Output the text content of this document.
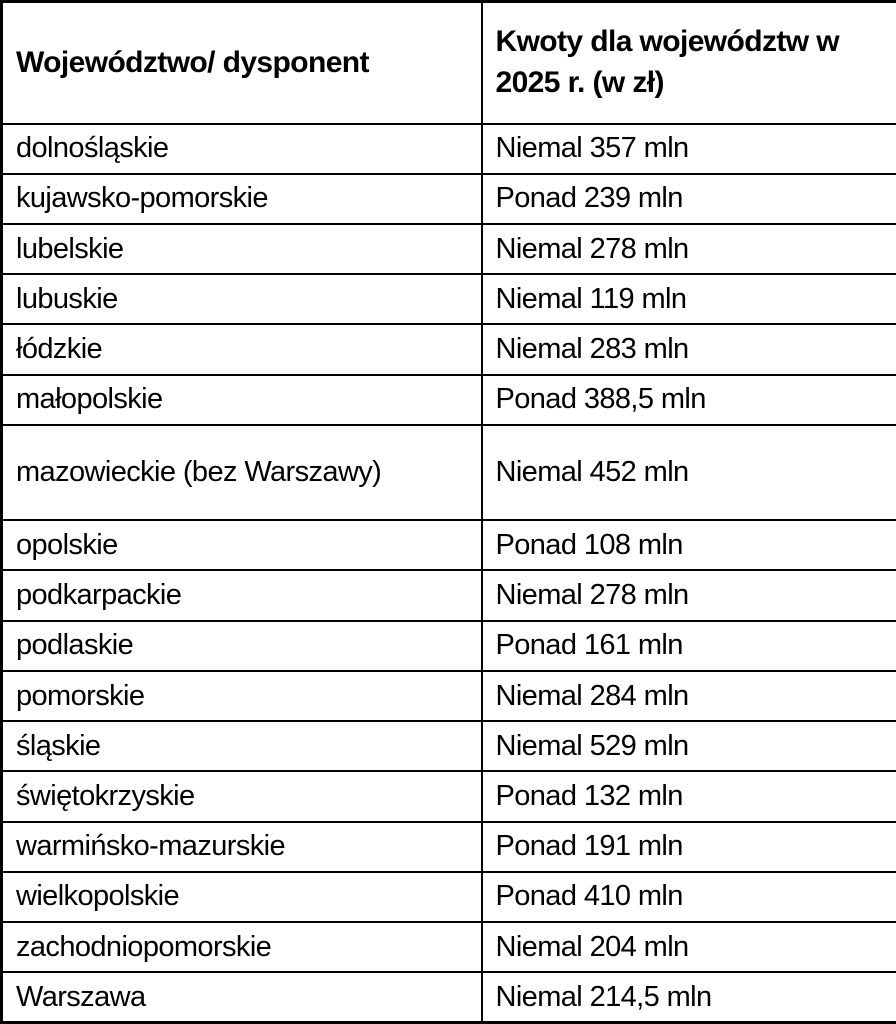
Województwo/ dysponent	Kwoty dla województw w 2025 r. (w zł)
dolnośląskie	Niemal 357 mln
kujawsko-pomorskie	Ponad 239 mln
lubelskie	Niemal 278 mln
lubuskie	Niemal 119 mln
łódzkie	Niemal 283 mln
małopolskie	Ponad 388,5 mln
mazowieckie (bez Warszawy)	Niemal 452 mln
opolskie	Ponad 108 mln
podkarpackie	Niemal 278 mln
podlaskie	Ponad 161 mln
pomorskie	Niemal 284 mln
śląskie	Niemal 529 mln
świętokrzyskie	Ponad 132 mln
warmińsko-mazurskie	Ponad 191 mln
wielkopolskie	Ponad 410 mln
zachodniopomorskie	Niemal 204 mln
Warszawa	Niemal 214,5 mln
